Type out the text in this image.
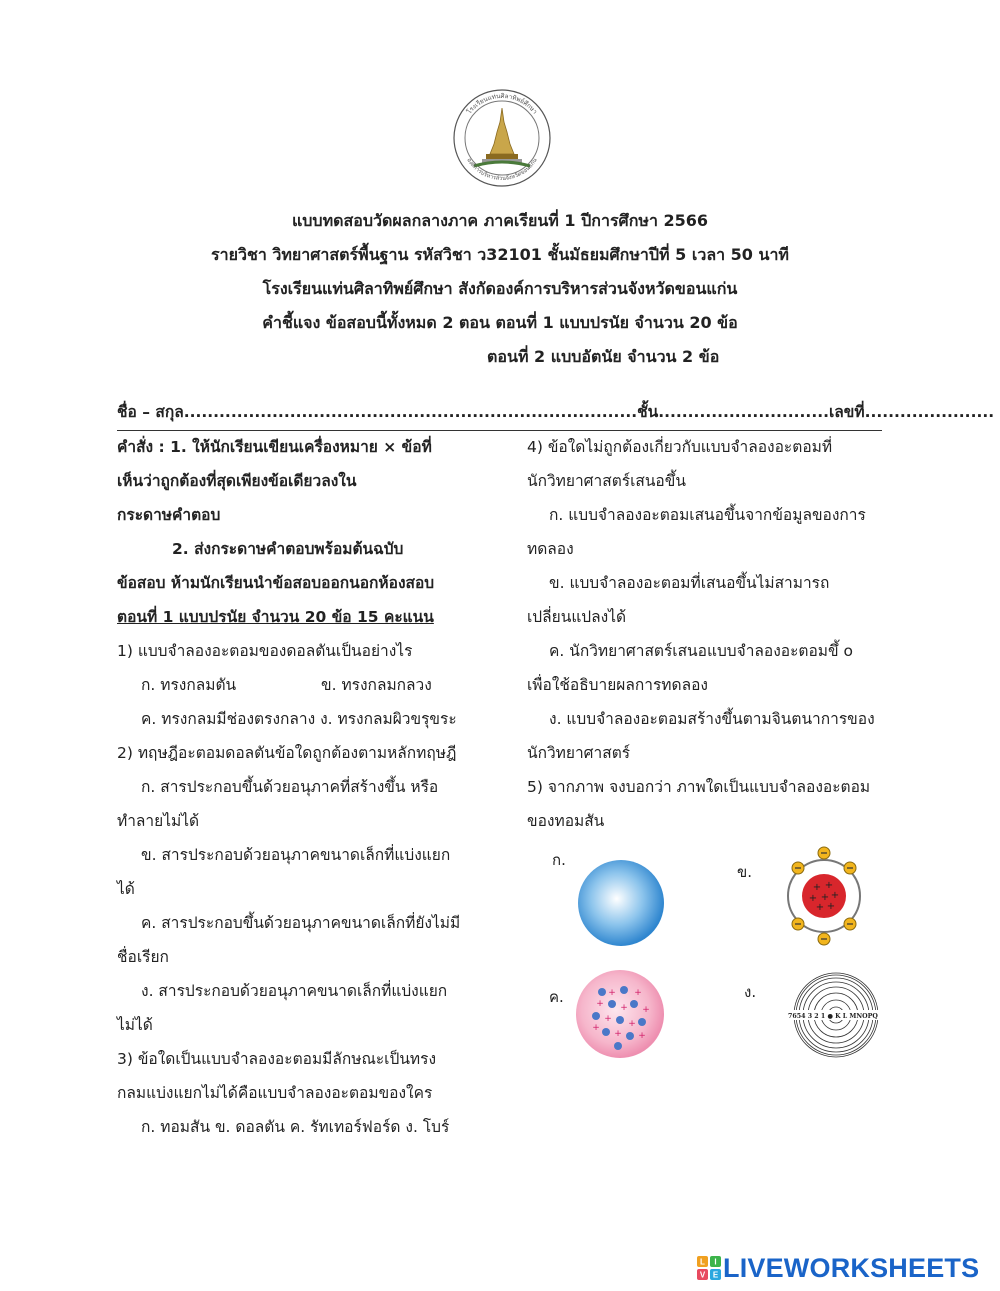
โรงเรียนแท่นศิลาทิพย์ศึกษา
องค์การบริหารส่วนจังหวัดขอนแก่น
แบบทดสอบวัดผลกลางภาค ภาคเรียนที่ 1 ปีการศึกษา 2566
รายวิชา วิทยาศาสตร์พื้นฐาน รหัสวิชา ว32101 ชั้นมัธยมศึกษาปีที่ 5 เวลา 50 นาที
โรงเรียนแท่นศิลาทิพย์ศึกษา สังกัดองค์การบริหารส่วนจังหวัดขอนแก่น
คำชี้แจง ข้อสอบนี้ทั้งหมด 2 ตอน ตอนที่ 1 แบบปรนัย จำนวน 20 ข้อ
ตอนที่ 2 แบบอัตนัย จำนวน 2 ข้อ
ชื่อ – สกุล.............................................................................ชั้น.............................เลขที่......................
คำสั่ง : 1. ให้นักเรียนเขียนเครื่องหมาย × ข้อที่
เห็นว่าถูกต้องที่สุดเพียงข้อเดียวลงใน
กระดาษคำตอบ
2. ส่งกระดาษคำตอบพร้อมต้นฉบับ
ข้อสอบ ห้ามนักเรียนนำข้อสอบออกนอกห้องสอบ
ตอนที่ 1 แบบปรนัย จำนวน 20 ข้อ 15 คะแนน
1) แบบจำลองอะตอมของดอลตันเป็นอย่างไร
ก. ทรงกลมตัน	ข. ทรงกลมกลวง
ค. ทรงกลมมีช่องตรงกลาง ง. ทรงกลมผิวขรุขระ
2) ทฤษฎีอะตอมดอลตันข้อใดถูกต้องตามหลักทฤษฎี
ก. สารประกอบขึ้นด้วยอนุภาคที่สร้างขึ้น หรือ
ทำลายไม่ได้
ข. สารประกอบด้วยอนุภาคขนาดเล็กที่แบ่งแยก
ได้
ค. สารประกอบขึ้นด้วยอนุภาคขนาดเล็กที่ยังไม่มี
ชื่อเรียก
ง. สารประกอบด้วยอนุภาคขนาดเล็กที่แบ่งแยก
ไม่ได้
3) ข้อใดเป็นแบบจำลองอะตอมมีลักษณะเป็นทรง
กลมแบ่งแยกไม่ได้คือแบบจำลองอะตอมของใคร
ก. ทอมสัน ข. ดอลตัน ค. รัทเทอร์ฟอร์ด ง. โบร์
4) ข้อใดไม่ถูกต้องเกี่ยวกับแบบจำลองอะตอมที่
นักวิทยาศาสตร์เสนอขึ้น
ก. แบบจำลองอะตอมเสนอขึ้นจากข้อมูลของการ
ทดลอง
ข. แบบจำลองอะตอมที่เสนอขึ้นไม่สามารถ
เปลี่ยนแปลงได้
ค. นักวิทยาศาสตร์เสนอแบบจำลองอะตอมขึ้ o
เพื่อใช้อธิบายผลการทดลอง
ง. แบบจำลองอะตอมสร้างขึ้นตามจินตนาการของ
นักวิทยาศาสตร์
5) จากภาพ จงบอกว่า ภาพใดเป็นแบบจำลองอะตอม
ของทอมสัน
ก.
ข.
+ +
+ + +
+ +
ค.	+ +
+ + +
+ +
+
+ +
ง.
7654 3 2 1 ● K L MNOPQ
L I
V E LIVEWORKSHEETS
